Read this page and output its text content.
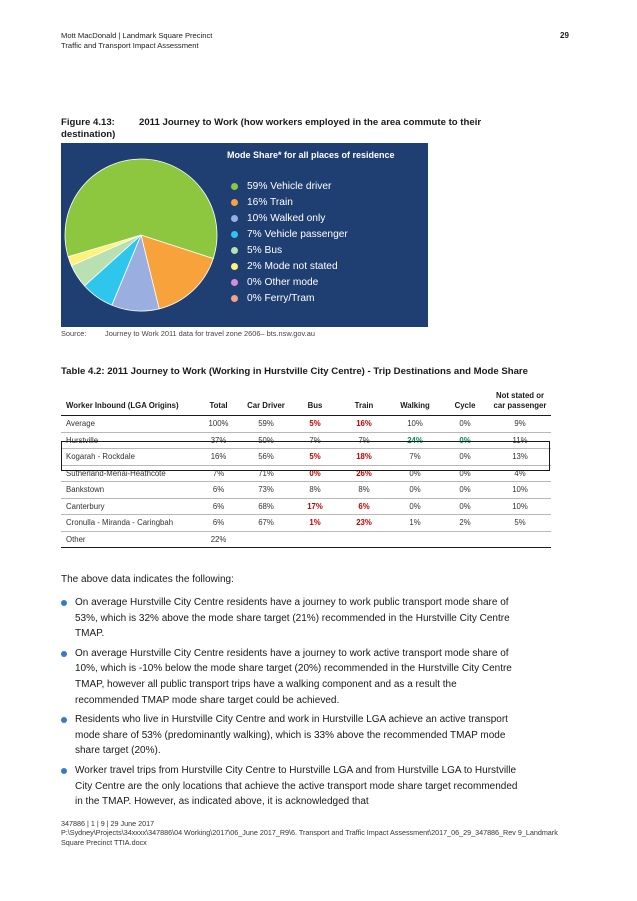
Mott MacDonald | Landmark Square Precinct
Traffic and Transport Impact Assessment
29
Figure 4.13:	2011 Journey to Work (how workers employed in the area commute to their destination)
Mode Share* for all places of residence
59% Vehicle driver
16% Train
10% Walked only
7% Vehicle passenger
5% Bus
2% Mode not stated
0% Other mode
0% Ferry/Tram
Source:	Journey to Work 2011 data for travel zone 2606– bts.nsw.gov.au
Table 4.2: 2011 Journey to Work (Working in Hurstville City Centre) - Trip Destinations and Mode Share
Worker Inbound (LGA Origins)	Total	Car Driver	Bus	Train	Walking	Cycle	Not stated or car passenger
Average	100%	59%	5%	16%	10%	0%	9%
Hurstville	37%	50%	7%	7%	24%	0%	11%
Kogarah - Rockdale	16%	56%	5%	18%	7%	0%	13%
Sutherland-Menai-Heathcote	7%	71%	0%	26%	0%	0%	4%
Bankstown	6%	73%	8%	8%	0%	0%	10%
Canterbury	6%	68%	17%	6%	0%	0%	10%
Cronulla - Miranda - Caringbah	6%	67%	1%	23%	1%	2%	5%
Other	22%						
The above data indicates the following:
On average Hurstville City Centre residents have a journey to work public transport mode share of 53%, which is 32% above the mode share target (21%) recommended in the Hurstville City Centre TMAP.
On average Hurstville City Centre residents have a journey to work active transport mode share of 10%, which is -10% below the mode share target (20%) recommended in the Hurstville City Centre TMAP, however all public transport trips have a walking component and as a result the recommended TMAP mode share target could be achieved.
Residents who live in Hurstville City Centre and work in Hurstville LGA achieve an active transport mode share of 53% (predominantly walking), which is 33% above the recommended TMAP mode share target (20%).
Worker travel trips from Hurstville City Centre to Hurstville LGA and from Hurstville LGA to Hurstville City Centre are the only locations that achieve the active transport mode share target recommended in the TMAP. However, as indicated above, it is acknowledged that
347886 | 1 | 9 | 29 June 2017
P:\Sydney\Projects\34xxxx\347886\04 Working\2017\06_June 2017_R9\6. Transport and Traffic Impact Assessment\2017_06_29_347886_Rev 9_Landmark Square Precinct TTIA.docx
